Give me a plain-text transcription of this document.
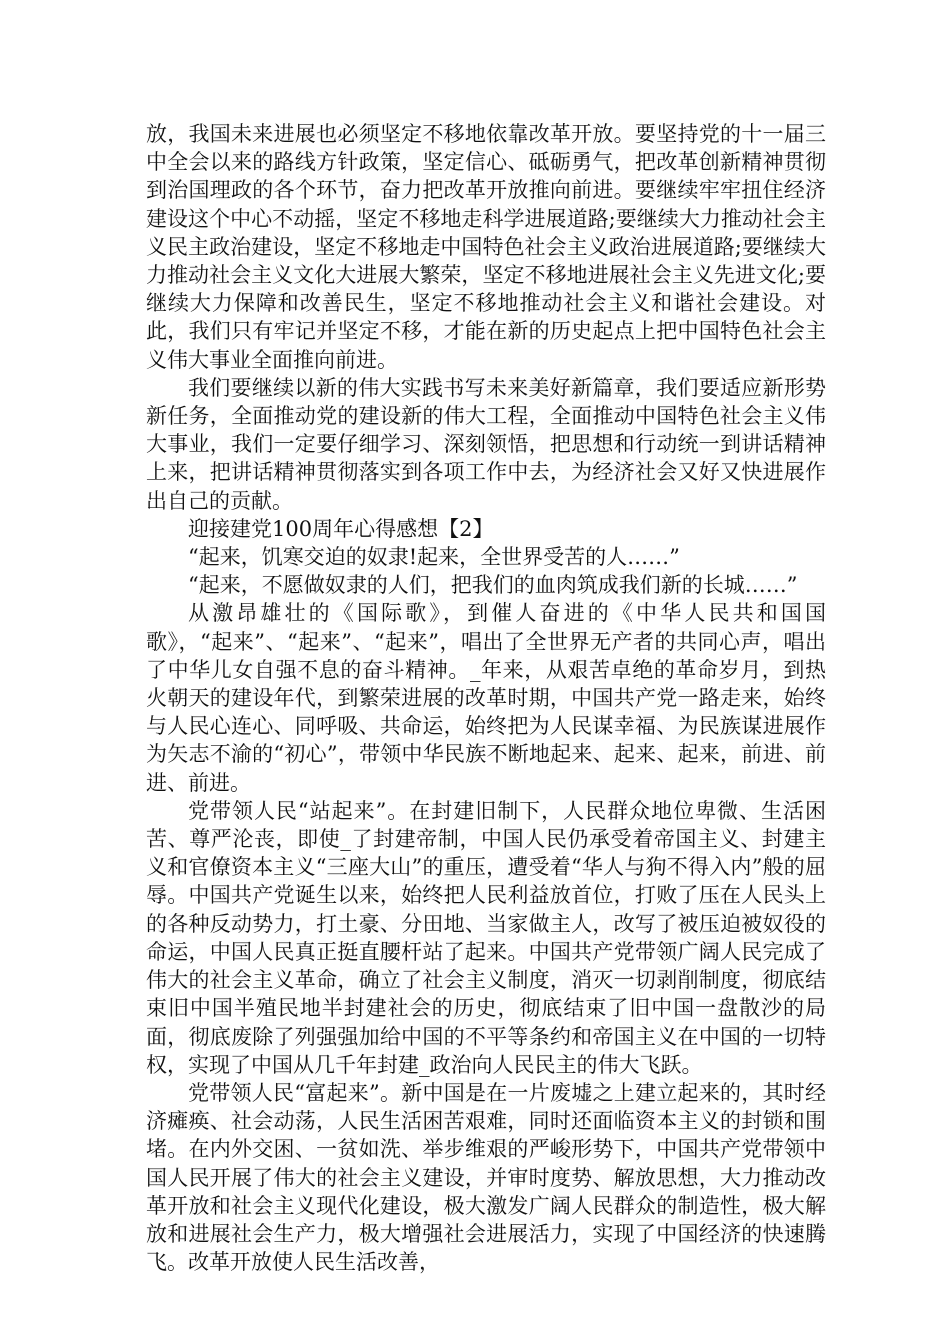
放，我国未来进展也必须坚定不移地依靠改革开放。要坚持党的十一届三中全会以来的路线方针政策，坚定信心、砥砺勇气，把改革创新精神贯彻到治国理政的各个环节，奋力把改革开放推向前进。要继续牢牢扭住经济建设这个中心不动摇，坚定不移地走科学进展道路;要继续大力推动社会主义民主政治建设，坚定不移地走中国特色社会主义政治进展道路;要继续大力推动社会主义文化大进展大繁荣，坚定不移地进展社会主义先进文化;要继续大力保障和改善民生，坚定不移地推动社会主义和谐社会建设。对此，我们只有牢记并坚定不移，才能在新的历史起点上把中国特色社会主义伟大事业全面推向前进。

我们要继续以新的伟大实践书写未来美好新篇章，我们要适应新形势新任务，全面推动党的建设新的伟大工程，全面推动中国特色社会主义伟大事业，我们一定要仔细学习、深刻领悟，把思想和行动统一到讲话精神上来，把讲话精神贯彻落实到各项工作中去，为经济社会又好又快进展作出自己的贡献。

迎接建党100周年心得感想【2】

“起来，饥寒交迫的奴隶!起来，全世界受苦的人……”

“起来，不愿做奴隶的人们，把我们的血肉筑成我们新的长城……”

从激昂雄壮的《国际歌》，到催人奋进的《中华人民共和国国歌》，“起来”、“起来”、“起来”，唱出了全世界无产者的共同心声，唱出了中华儿女自强不息的奋斗精神。_年来，从艰苦卓绝的革命岁月，到热火朝天的建设年代，到繁荣进展的改革时期，中国共产党一路走来，始终与人民心连心、同呼吸、共命运，始终把为人民谋幸福、为民族谋进展作为矢志不渝的“初心”，带领中华民族不断地起来、起来、起来，前进、前进、前进。

党带领人民“站起来”。在封建旧制下，人民群众地位卑微、生活困苦、尊严沦丧，即使_了封建帝制，中国人民仍承受着帝国主义、封建主义和官僚资本主义“三座大山”的重压，遭受着“华人与狗不得入内”般的屈辱。中国共产党诞生以来，始终把人民利益放首位，打败了压在人民头上的各种反动势力，打土豪、分田地、当家做主人，改写了被压迫被奴役的命运，中国人民真正挺直腰杆站了起来。中国共产党带领广阔人民完成了伟大的社会主义革命，确立了社会主义制度，消灭一切剥削制度，彻底结束旧中国半殖民地半封建社会的历史，彻底结束了旧中国一盘散沙的局面，彻底废除了列强强加给中国的不平等条约和帝国主义在中国的一切特权，实现了中国从几千年封建_政治向人民民主的伟大飞跃。

党带领人民“富起来”。新中国是在一片废墟之上建立起来的，其时经济瘫痪、社会动荡，人民生活困苦艰难，同时还面临资本主义的封锁和围堵。在内外交困、一贫如洗、举步维艰的严峻形势下，中国共产党带领中国人民开展了伟大的社会主义建设，并审时度势、解放思想，大力推动改革开放和社会主义现代化建设，极大激发广阔人民群众的制造性，极大解放和进展社会生产力，极大增强社会进展活力，实现了中国经济的快速腾飞。改革开放使人民生活改善，
